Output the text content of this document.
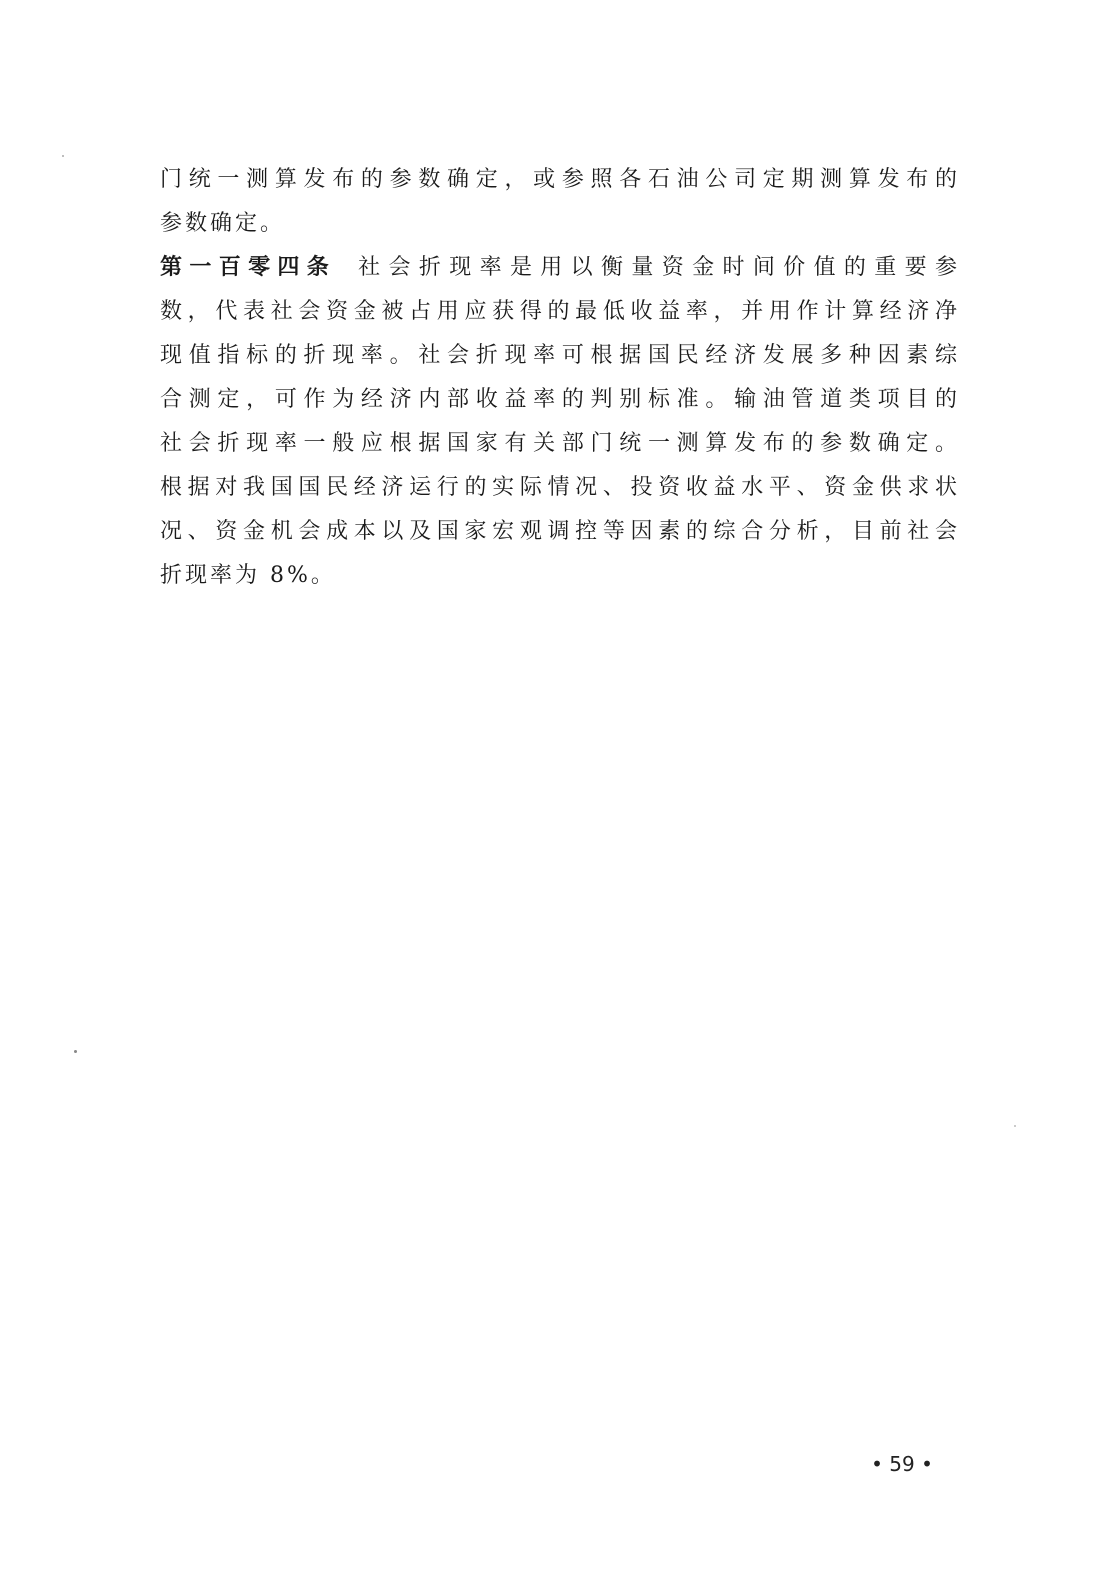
门统一测算发布的参数确定，或参照各石油公司定期测算发布的
参数确定。
第一百零四条 社会折现率是用以衡量资金时间价值的重要参
数，代表社会资金被占用应获得的最低收益率，并用作计算经济净
现值指标的折现率。社会折现率可根据国民经济发展多种因素综
合测定，可作为经济内部收益率的判别标准。输油管道类项目的
社会折现率一般应根据国家有关部门统一测算发布的参数确定。
根据对我国国民经济运行的实际情况、投资收益水平、资金供求状
况、资金机会成本以及国家宏观调控等因素的综合分析，目前社会
折现率为 8%。
• 59 •
